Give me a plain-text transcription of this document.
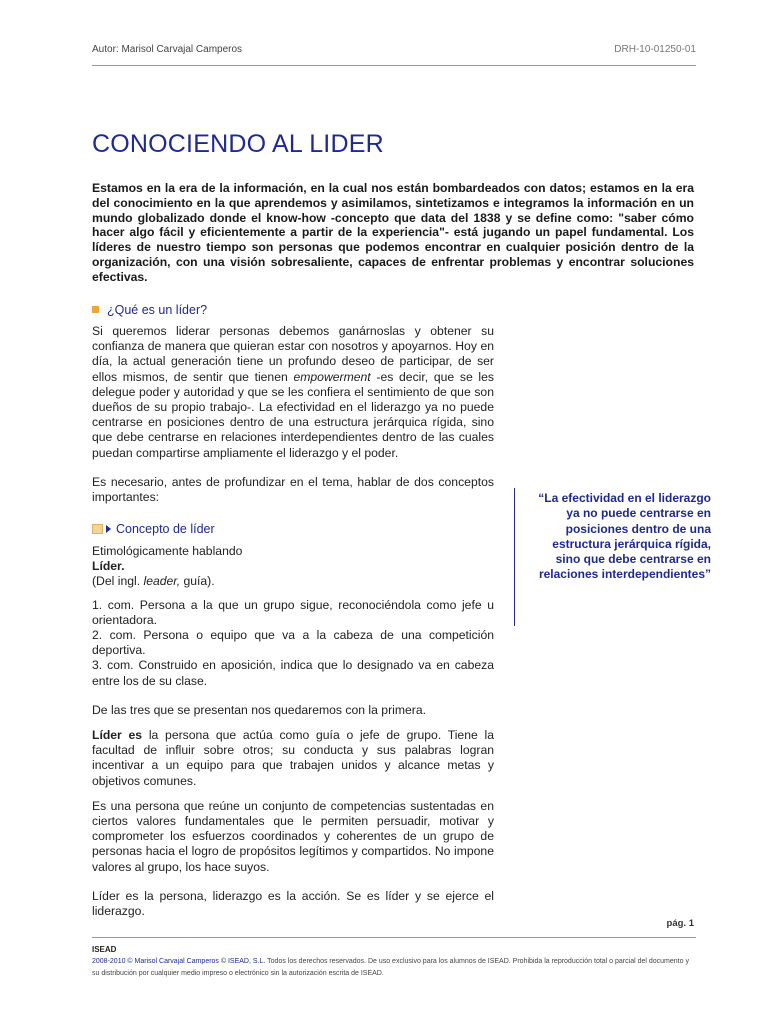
Autor: Marisol Carvajal Camperos	DRH-10-01250-01
CONOCIENDO AL LIDER

Estamos en la era de la información, en la cual nos están bombardeados con datos; estamos en la era del conocimiento en la que aprendemos y asimilamos, sintetizamos e integramos la información en un mundo globalizado donde el know-how -concepto que data del 1838 y se define como: "saber cómo hacer algo fácil y eficientemente a partir de la experiencia"- está jugando un papel fundamental. Los líderes de nuestro tiempo son personas que podemos encontrar en cualquier posición dentro de la organización, con una visión sobresaliente, capaces de enfrentar problemas y encontrar soluciones efectivas.

¿Qué es un líder?

Si queremos liderar personas debemos ganárnoslas y obtener su confianza de manera que quieran estar con nosotros y apoyarnos. Hoy en día, la actual generación tiene un profundo deseo de participar, de ser ellos mismos, de sentir que tienen empowerment -es decir, que se les delegue poder y autoridad y que se les confiera el sentimiento de que son dueños de su propio trabajo-. La efectividad en el liderazgo ya no puede centrarse en posiciones dentro de una estructura jerárquica rígida, sino que debe centrarse en relaciones interdependientes dentro de las cuales puedan compartirse ampliamente el liderazgo y el poder.

Es necesario, antes de profundizar en el tema, hablar de dos conceptos importantes:

Concepto de líder

Etimológicamente hablando

Líder.

(Del ingl. leader, guía).

1. com. Persona a la que un grupo sigue, reconociéndola como jefe u orientadora.

2. com. Persona o equipo que va a la cabeza de una competición deportiva.

3. com. Construido en aposición, indica que lo designado va en cabeza entre los de su clase.

De las tres que se presentan nos quedaremos con la primera.

Líder es la persona que actúa como guía o jefe de grupo. Tiene la facultad de influir sobre otros; su conducta y sus palabras logran incentivar a un equipo para que trabajen unidos y alcance metas y objetivos comunes.

Es una persona que reúne un conjunto de competencias sustentadas en ciertos valores fundamentales que le permiten persuadir, motivar y comprometer los esfuerzos coordinados y coherentes de un grupo de personas hacia el logro de propósitos legítimos y compartidos. No impone valores al grupo, los hace suyos.

Líder es la persona, liderazgo es la acción. Se es líder y se ejerce el liderazgo.

“La efectividad en el liderazgo ya no puede centrarse en posiciones dentro de una estructura jerárquica rígida, sino que debe centrarse en relaciones interdependientes”

pág. 1
ISEAD
2008-2010 © Marisol Carvajal Camperos © ISEAD, S.L. Todos los derechos reservados. De uso exclusivo para los alumnos de ISEAD. Prohibida la reproducción total o parcial del documento y su distribución por cualquier medio impreso o electrónico sin la autorización escrita de ISEAD.
